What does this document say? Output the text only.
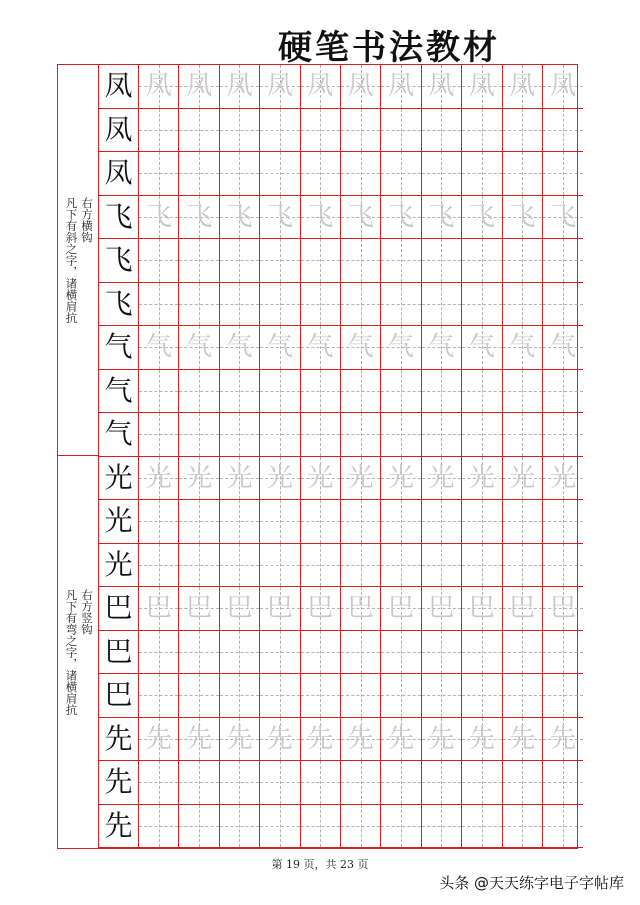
硬笔书法教材
右方横钩
凡下有斜之字，诸横肩抗
右方竖钩
凡下有弯之字，诸横肩抗
凤 凤 凤 凤 凤 凤 凤 凤 凤 凤 凤 凤
凤
凤
飞 飞 飞 飞 飞 飞 飞 飞 飞 飞 飞 飞
飞
飞
气 气 气 气 气 气 气 气 气 气 气 气
气
气
光 光 光 光 光 光 光 光 光 光 光 光
光
光
巴 巴 巴 巴 巴 巴 巴 巴 巴 巴 巴 巴
巴
巴
先 先 先 先 先 先 先 先 先 先 先 先
先
先
第 19 页，共 23 页
头条 @天天练字电子字帖库
